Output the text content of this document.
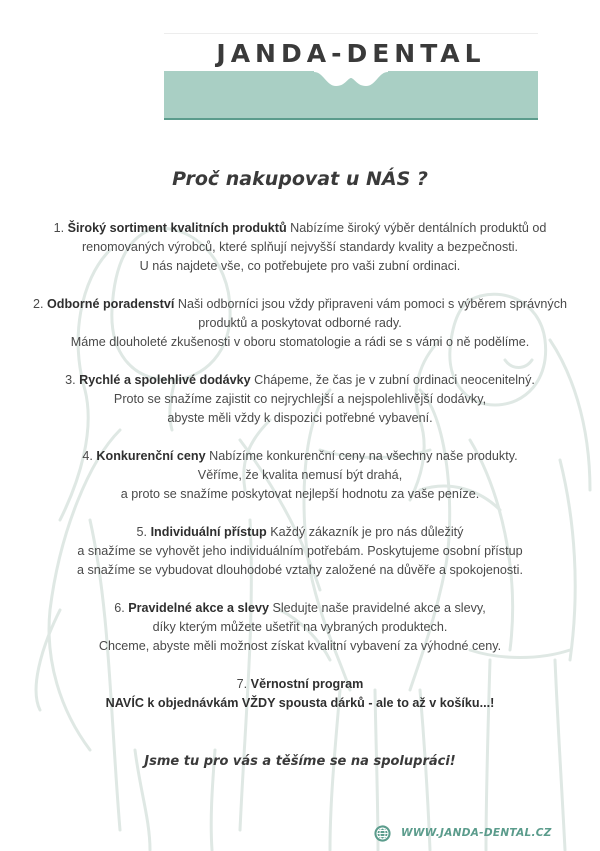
JANDA-DENTAL
Proč nakupovat u NÁS ?
1. Široký sortiment kvalitních produktů Nabízíme široký výběr dentálních produktů od
renomovaných výrobců, které splňují nejvyšší standardy kvality a bezpečnosti.
U nás najdete vše, co potřebujete pro vaši zubní ordinaci.
2. Odborné poradenství Naši odborníci jsou vždy připraveni vám pomoci s výběrem správných
produktů a poskytovat odborné rady.
Máme dlouholeté zkušenosti v oboru stomatologie a rádi se s vámi o ně podělíme.
3. Rychlé a spolehlivé dodávky Chápeme, že čas je v zubní ordinaci neocenitelný.
Proto se snažíme zajistit co nejrychlejší a nejspolehlivější dodávky,
abyste měli vždy k dispozici potřebné vybavení.
4. Konkurenční ceny Nabízíme konkurenční ceny na všechny naše produkty.
Věříme, že kvalita nemusí být drahá,
a proto se snažíme poskytovat nejlepší hodnotu za vaše peníze.
5. Individuální přístup Každý zákazník je pro nás důležitý
a snažíme se vyhovět jeho individuálním potřebám. Poskytujeme osobní přístup
a snažíme se vybudovat dlouhodobé vztahy založené na důvěře a spokojenosti.
6. Pravidelné akce a slevy Sledujte naše pravidelné akce a slevy,
díky kterým můžete ušetřit na vybraných produktech.
Chceme, abyste měli možnost získat kvalitní vybavení za výhodné ceny.
7. Věrnostní program
NAVÍC k objednávkám VŽDY spousta dárků - ale to až v košíku...!
Jsme tu pro vás a těšíme se na spolupráci!
WWW.JANDA-DENTAL.CZ
